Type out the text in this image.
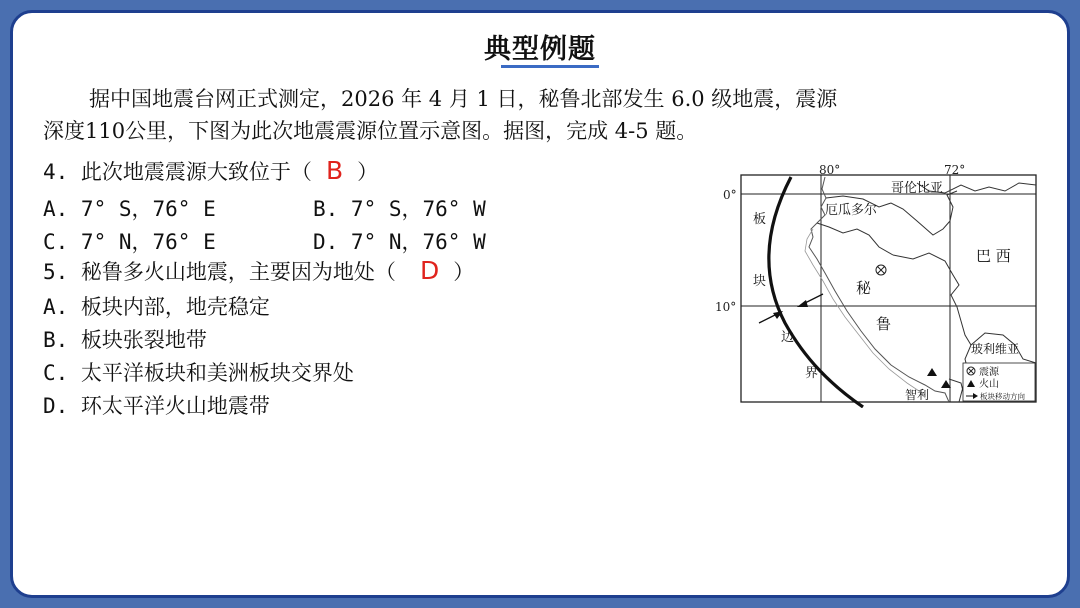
典型例题
据中国地震台网正式测定，2026 年 4 月 1 日，秘鲁北部发生 6.0 级地震，震源
深度110公里，下图为此次地震震源位置示意图。据图，完成 4-5 题。
4. 此次地震震源大致位于（ B ）
A. 7° S，76° E	B. 7° S，76° W
C. 7° N，76° E	D. 7° N，76° W
5. 秘鲁多火山地震，主要因为地处（ D ）
A. 板块内部，地壳稳定
B. 板块张裂地带
C. 太平洋板块和美洲板块交界处
D. 环太平洋火山地震带
80°	72°
0°
10°
哥伦比亚
厄瓜多尔
巴 西
秘
鲁
玻利维亚
智利
板
块
边
界	震源
火山
板块移动方向
